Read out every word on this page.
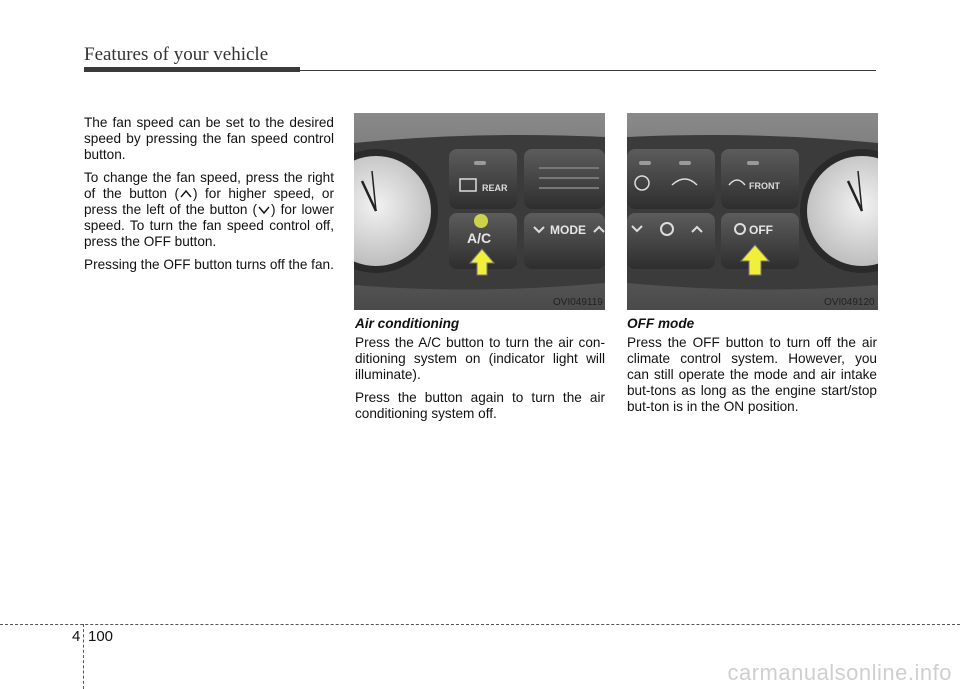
Features of your vehicle

The fan speed can be set to the desired speed by pressing the fan speed control button.

To change the fan speed, press the right of the button ( ) for higher speed, or press the left of the button ( ) for lower speed. To turn the fan speed control off, press the OFF button.

Pressing the OFF button turns off the fan.

REAR
A/C	MODE
OVI049119
FRONT
OFF
OVI049120
Air conditioning

Press the A/C button to turn the air con-ditioning system on (indicator light will illuminate).

Press the button again to turn the air conditioning system off.

OFF mode

Press the OFF button to turn off the air climate control system. However, you can still operate the mode and air intake but-tons as long as the engine start/stop but-ton is in the ON position.

4 100
carmanualsonline.info
